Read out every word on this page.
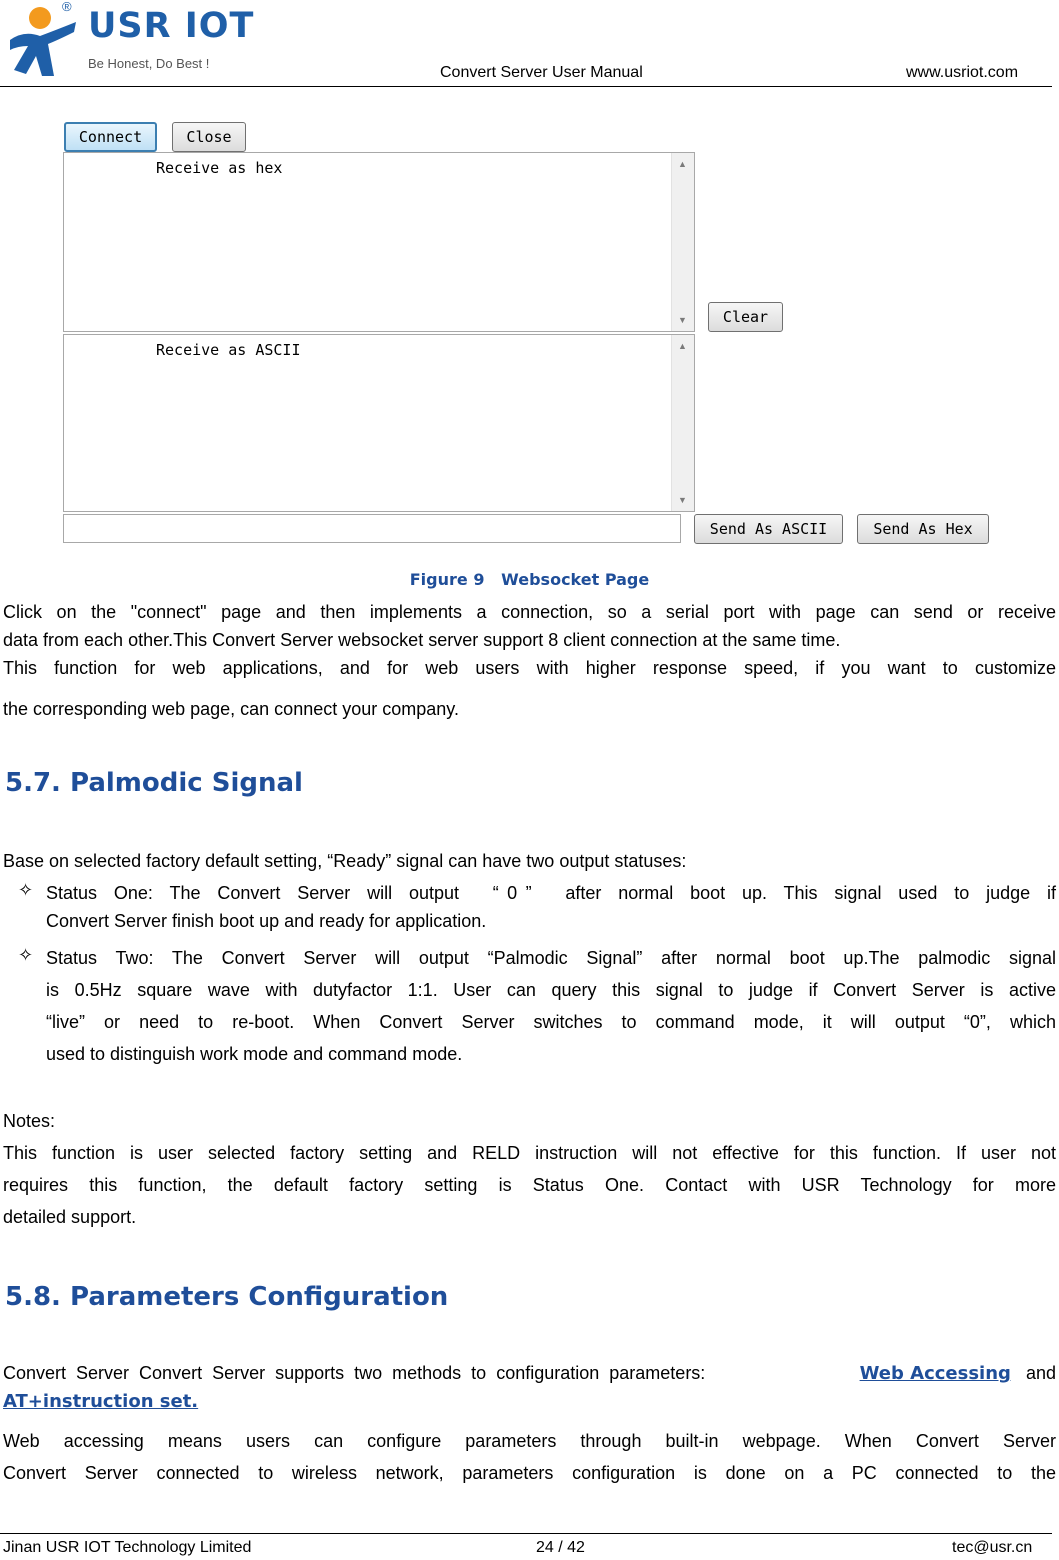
USR IOT
®
Be Honest, Do Best !
Convert Server User Manual	www.usriot.com
Connect	Close
Receive as hex	▲
▼	Clear
Receive as ASCII	▲
▼
Send As ASCII	Send As Hex
Figure 9   Websocket Page
Click on the "connect" page and then implements a connection, so a serial port with page can send or receive
data from each other.This Convert Server websocket server support 8 client connection at the same time.
This function for web applications, and for web users with higher response speed, if you want to customize
the corresponding web page, can connect your company.
5.7. Palmodic Signal
Base on selected factory default setting, “Ready” signal can have two output statuses:
✧ Status  One:  The  Convert  Server  will  output    “ 0 ”    after  normal  boot  up.  This  signal  used  to  judge  if
Convert Server finish boot up and ready for application.
✧ Status Two: The Convert Server will output “Palmodic Signal” after normal boot up.The palmodic signal
is 0.5Hz square wave with dutyfactor 1:1. User can query this signal to judge if Convert Server is active
“live” or need to re-boot. When Convert Server switches to command mode, it will output “0”, which
used to distinguish work mode and command mode.
Notes:
This function is user selected factory setting and RELD instruction will not effective for this function. If user not
requires  this  function,  the  default  factory  setting  is  Status  One.  Contact  with  USR  Technology  for  more
detailed support.
5.8. Parameters Configuration
Convert  Server  Convert  Server  supports  two  methods  to  configuration  parameters:	Web Accessing and
AT+instruction set.
Web  accessing  means  users  can  configure  parameters  through  built-in  webpage.  When  Convert  Server
Convert Server connected to wireless network, parameters configuration is done on a PC connected to the
Jinan USR IOT Technology Limited	24 / 42	tec@usr.cn
